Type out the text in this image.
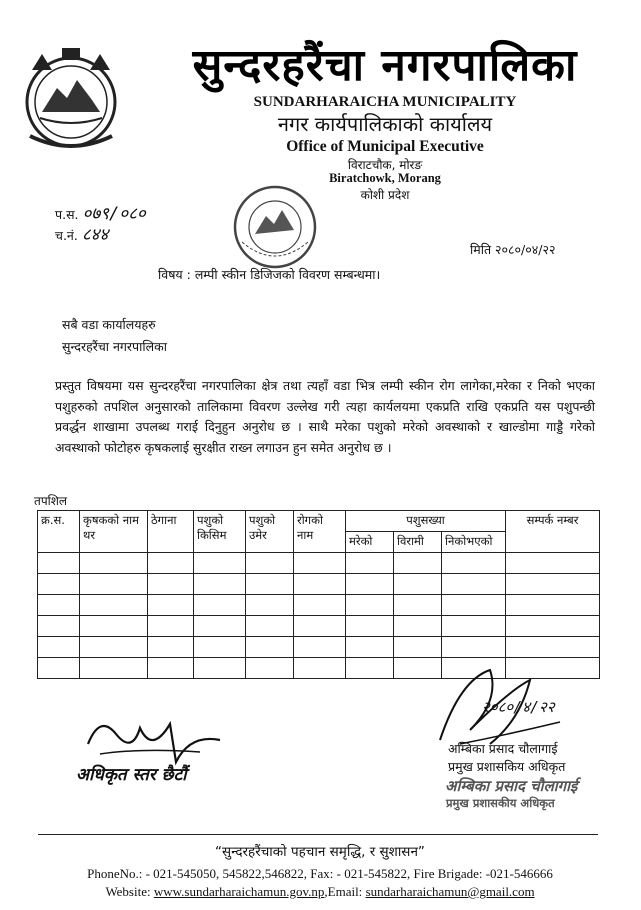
सुन्दरहरैंचा नगरपालिका
SUNDARHARAICHA MUNICIPALITY
नगर कार्यपालिकाको कार्यालय
Office of Municipal Executive
विराटचौक, मोरङ
Biratchowk, Morang
कोशी प्रदेश
प.स. ०७९/०८०
च.नं. ८४४
मिति २०८०/०४/२२
विषय : लम्पी स्कीन डिजिजको विवरण सम्बन्धमा।
सबै वडा कार्यालयहरु
सुन्दरहरैंचा नगरपालिका
प्रस्तुत विषयमा यस सुन्दरहरैंचा नगरपालिका क्षेत्र तथा त्यहाँ वडा भित्र लम्पी स्कीन रोग लागेका,मरेका र निको भएका पशुहरुको तपशिल अनुसारको तालिकामा विवरण उल्लेख गरी त्यहा कार्यलयमा एकप्रति राखि एकप्रति यस पशुपन्छी प्रवर्द्धन शाखामा उपलब्ध गराई दिनुहुन अनुरोध छ । साथै मरेका पशुको मरेको अवस्थाको र खाल्डोमा गाड्डै गरेको अवस्थाको फोटोहरु कृषकलाई सुरक्षीत राख्न लगाउन हुन समेत अनुरोध छ ।
तपशिल
क्र.स.	कृषकको नाम थर	ठेगाना	पशुको किसिम	पशुको उमेर	रोगको नाम	पशुसख्या			सम्पर्क नम्बर
						मरेको	विरामी	निकोभएको	

अधिकृत स्तर छैटौं
२०८०/४/२२
अम्बिका प्रसाद चौलागाई
प्रमुख प्रशासकिय अधिकृत
अम्बिका प्रसाद चौलागाई
प्रमुख प्रशासकीय अधिकृत
“सुन्दरहरैंचाको पहचान समृद्धि, र सुशासन”
PhoneNo.: - 021-545050, 545822,546822, Fax: - 021-545822, Fire Brigade: -021-546666
Website: www.sundarharaichamun.gov.np,Email: sundarharaichamun@gmail.com
